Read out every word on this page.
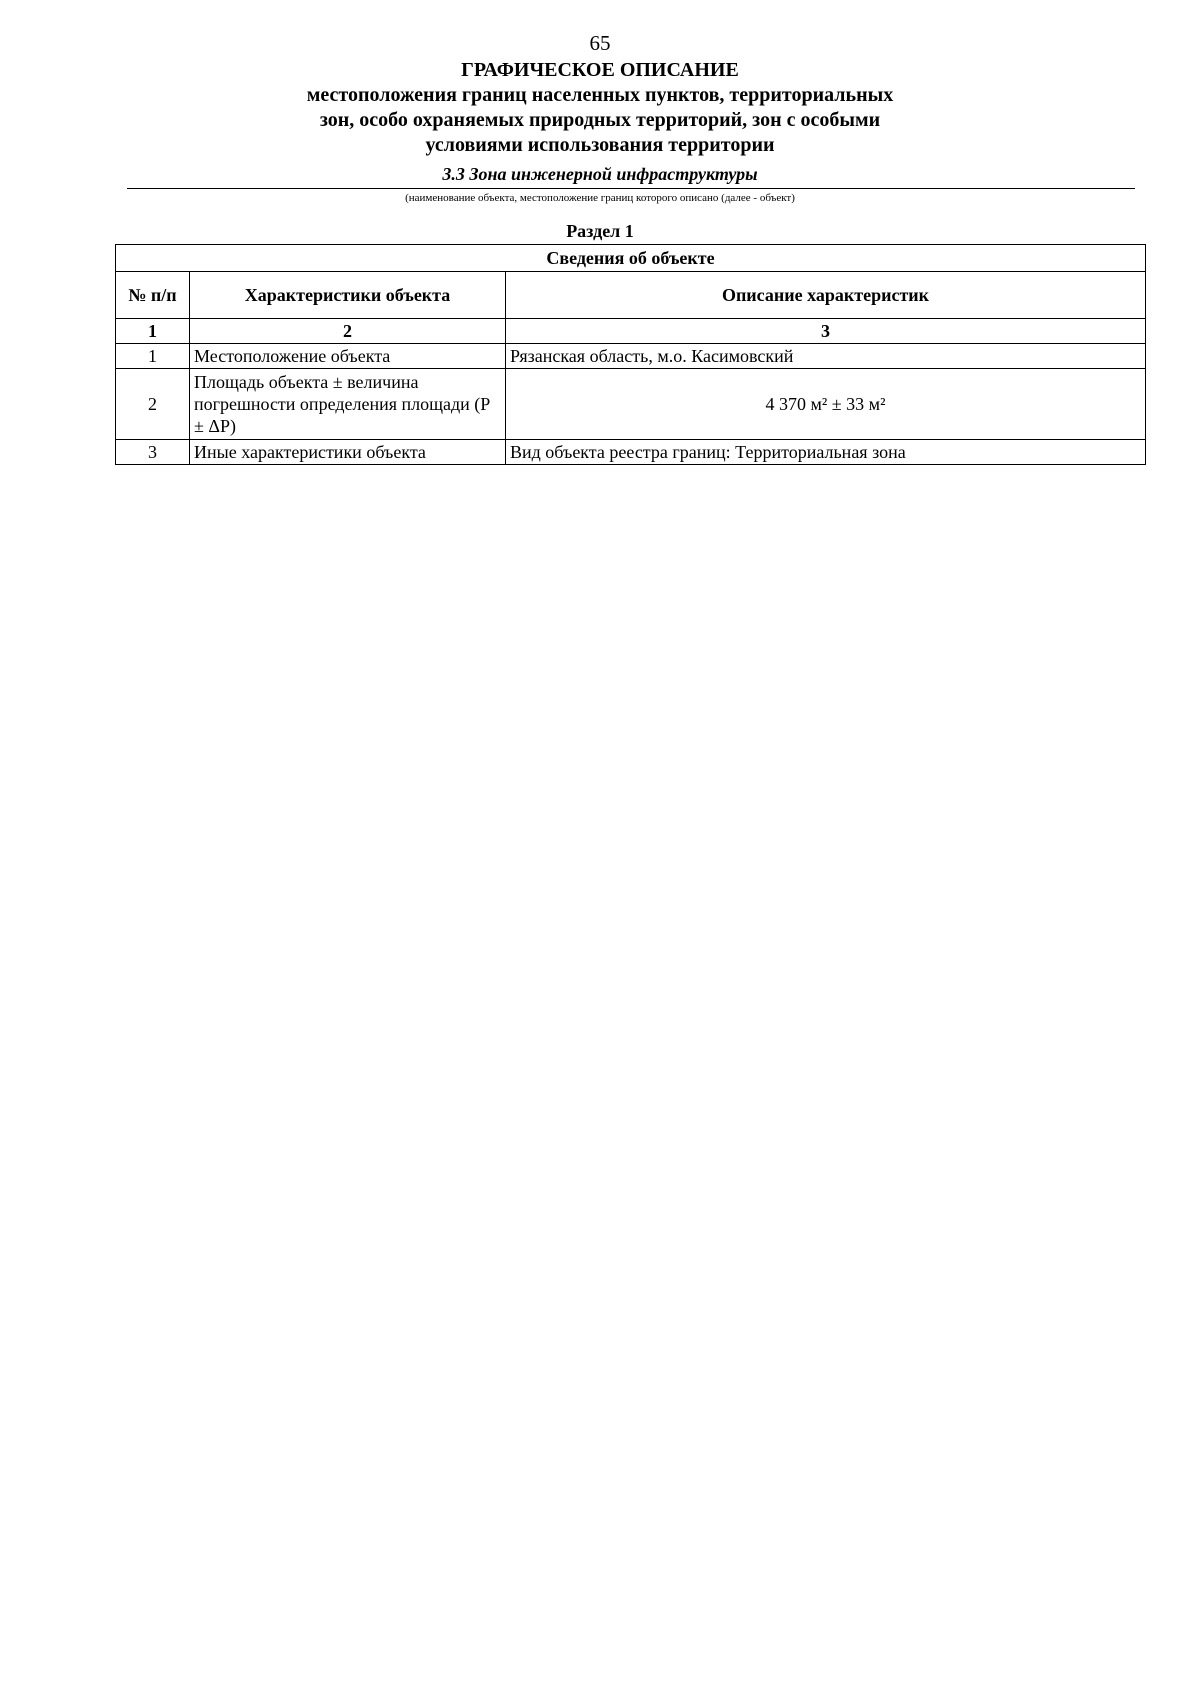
65
ГРАФИЧЕСКОЕ ОПИСАНИЕ
местоположения границ населенных пунктов, территориальных
зон, особо охраняемых природных территорий, зон с особыми
условиями использования территории
3.3 Зона инженерной инфраструктуры
(наименование объекта, местоположение границ которого описано (далее - объект)
Раздел 1
Сведения об объекте		
№ п/п	Характеристики объекта	Описание характеристик
1	2	3
1	Местоположение объекта	Рязанская область, м.о. Касимовский
2	Площадь объекта ± величина погрешности определения площади (P ± ΔP)	4 370 м² ± 33 м²
3	Иные характеристики объекта	Вид объекта реестра границ: Территориальная зона
